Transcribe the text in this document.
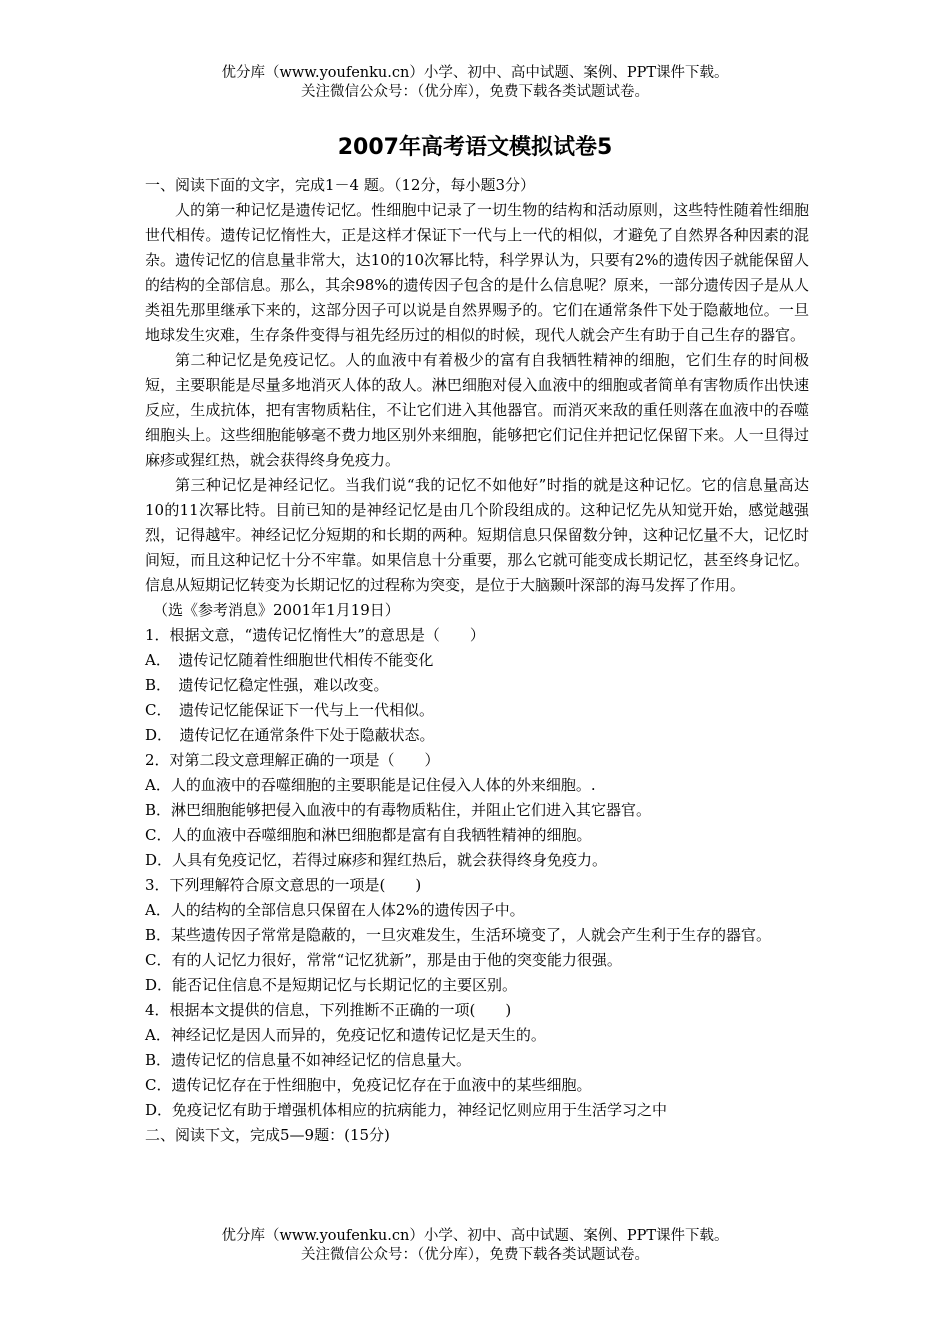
优分库（www.youfenku.cn）小学、初中、高中试题、案例、PPT课件下载。
关注微信公众号：（优分库），免费下载各类试题试卷。
2007年高考语文模拟试卷5
一、阅读下面的文字，完成1－4 题。（12分，每小题3分）
人的第一种记忆是遗传记忆。性细胞中记录了一切生物的结构和活动原则，这些特性随着性细胞世代相传。遗传记忆惰性大，正是这样才保证下一代与上一代的相似，才避免了自然界各种因素的混杂。遗传记忆的信息量非常大，达10的10次幂比特，科学界认为，只要有2%的遗传因子就能保留人的结构的全部信息。那么，其余98%的遗传因子包含的是什么信息呢？原来，一部分遗传因子是从人类祖先那里继承下来的，这部分因子可以说是自然界赐予的。它们在通常条件下处于隐蔽地位。一旦地球发生灾难，生存条件变得与祖先经历过的相似的时候，现代人就会产生有助于自己生存的器官。
第二种记忆是免疫记忆。人的血液中有着极少的富有自我牺牲精神的细胞，它们生存的时间极短，主要职能是尽量多地消灭人体的敌人。淋巴细胞对侵入血液中的细胞或者简单有害物质作出快速反应，生成抗体，把有害物质粘住，不让它们进入其他器官。而消灭来敌的重任则落在血液中的吞噬细胞头上。这些细胞能够毫不费力地区别外来细胞，能够把它们记住并把记忆保留下来。人一旦得过麻疹或猩红热，就会获得终身免疫力。
第三种记忆是神经记忆。当我们说“我的记忆不如他好”时指的就是这种记忆。它的信息量高达10的11次幂比特。目前已知的是神经记忆是由几个阶段组成的。这种记忆先从知觉开始，感觉越强烈，记得越牢。神经记忆分短期的和长期的两种。短期信息只保留数分钟，这种记忆量不大，记忆时间短，而且这种记忆十分不牢靠。如果信息十分重要，那么它就可能变成长期记忆，甚至终身记忆。信息从短期记忆转变为长期记忆的过程称为突变，是位于大脑颞叶深部的海马发挥了作用。
（选《参考消息》2001年1月19日）
1．根据文意，“遗传记忆惰性大”的意思是（　　）
A．　遗传记忆随着性细胞世代相传不能变化
B．　遗传记忆稳定性强，难以改变。
C．　遗传记忆能保证下一代与上一代相似。
D．　遗传记忆在通常条件下处于隐蔽状态。
2．对第二段文意理解正确的一项是（　　）
A．人的血液中的吞噬细胞的主要职能是记住侵入人体的外来细胞。.
B．淋巴细胞能够把侵入血液中的有毒物质粘住，并阻止它们进入其它器官。
C．人的血液中吞噬细胞和淋巴细胞都是富有自我牺牲精神的细胞。
D．人具有免疫记忆，若得过麻疹和猩红热后，就会获得终身免疫力。
3．下列理解符合原文意思的一项是(　　)
A．人的结构的全部信息只保留在人体2%的遗传因子中。
B．某些遗传因子常常是隐蔽的，一旦灾难发生，生活环境变了，人就会产生利于生存的器官。
C．有的人记忆力很好，常常“记忆犹新”，那是由于他的突变能力很强。
D．能否记住信息不是短期记忆与长期记忆的主要区别。
4．根据本文提供的信息，下列推断不正确的一项(　　)
A．神经记忆是因人而异的，免疫记忆和遗传记忆是天生的。
B．遗传记忆的信息量不如神经记忆的信息量大。
C．遗传记忆存在于性细胞中，免疫记忆存在于血液中的某些细胞。
D．免疫记忆有助于增强机体相应的抗病能力，神经记忆则应用于生活学习之中
二、阅读下文，完成5—9题：(15分)
优分库（www.youfenku.cn）小学、初中、高中试题、案例、PPT课件下载。
关注微信公众号：（优分库），免费下载各类试题试卷。
